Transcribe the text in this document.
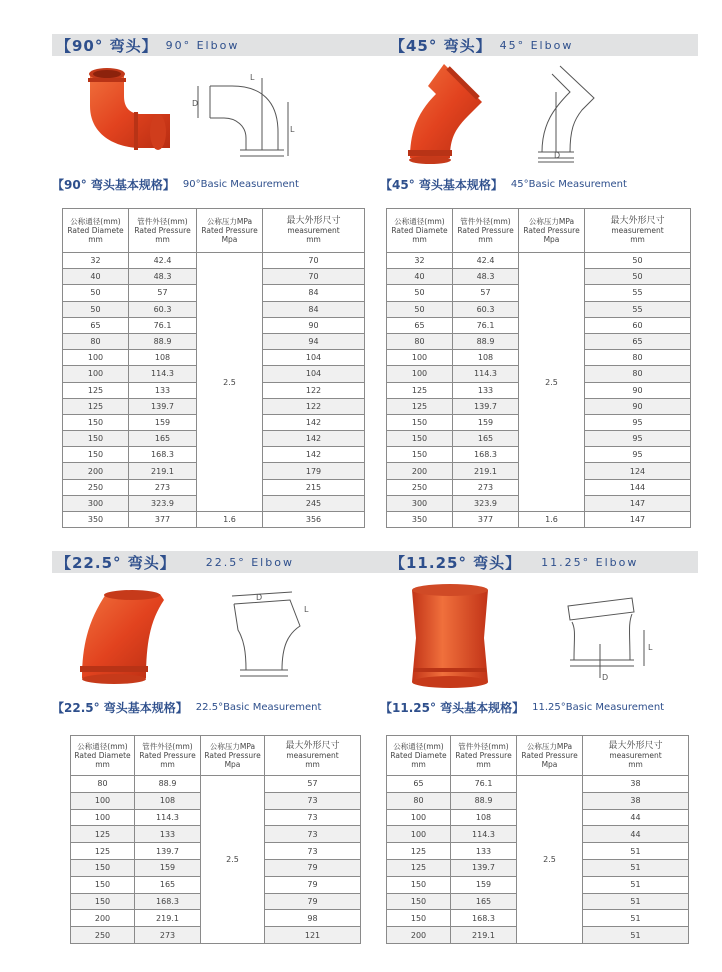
【90° 弯头】 90° Elbow	【45° 弯头】 45° Elbow
【22.5° 弯头】	22.5° Elbow	【11.25° 弯头】 11.25° Elbow
D
L
L
D
【90° 弯头基本规格】 90°Basic Measurement	【45° 弯头基本规格】 45°Basic Measurement
公称通径(mm)
Rated Diamete
mm	管件外径(mm)
Rated Pressure
mm	公称压力MPa
Rated Pressure
Mpa	最大外形尺寸
measurement
mm

32	42.4	2.5	70
40	48.3		70
50	57		84
50	60.3		84
65	76.1		90
80	88.9		94
100	108		104
100	114.3		104
125	133		122
125	139.7		122
150	159		142
150	165		142
150	168.3		142
200	219.1		179
250	273		215
300	323.9		245
350	377	1.6	356
公称通径(mm)
Rated Diamete
mm	管件外径(mm)
Rated Pressure
mm	公称压力MPa
Rated Pressure
Mpa	最大外形尺寸
measurement
mm

32	42.4	2.5	50
40	48.3		50
50	57		55
50	60.3		55
65	76.1		60
80	88.9		65
100	108		80
100	114.3		80
125	133		90
125	139.7		90
150	159		95
150	165		95
150	168.3		95
200	219.1		124
250	273		144
300	323.9		147
350	377	1.6	147
D
L
L
D
【22.5° 弯头基本规格】 22.5°Basic Measurement	【11.25° 弯头基本规格】 11.25°Basic Measurement
公称通径(mm)
Rated Diamete
mm	管件外径(mm)
Rated Pressure
mm	公称压力MPa
Rated Pressure
Mpa	最大外形尺寸
measurement
mm

80	88.9	2.5	57
100	108		73
100	114.3		73
125	133		73
125	139.7		73
150	159		79
150	165		79
150	168.3		79
200	219.1		98
250	273		121
公称通径(mm)
Rated Diamete
mm	管件外径(mm)
Rated Pressure
mm	公称压力MPa
Rated Pressure
Mpa	最大外形尺寸
measurement
mm

65	76.1	2.5	38
80	88.9		38
100	108		44
100	114.3		44
125	133		51
125	139.7		51
150	159		51
150	165		51
150	168.3		51
200	219.1		51
